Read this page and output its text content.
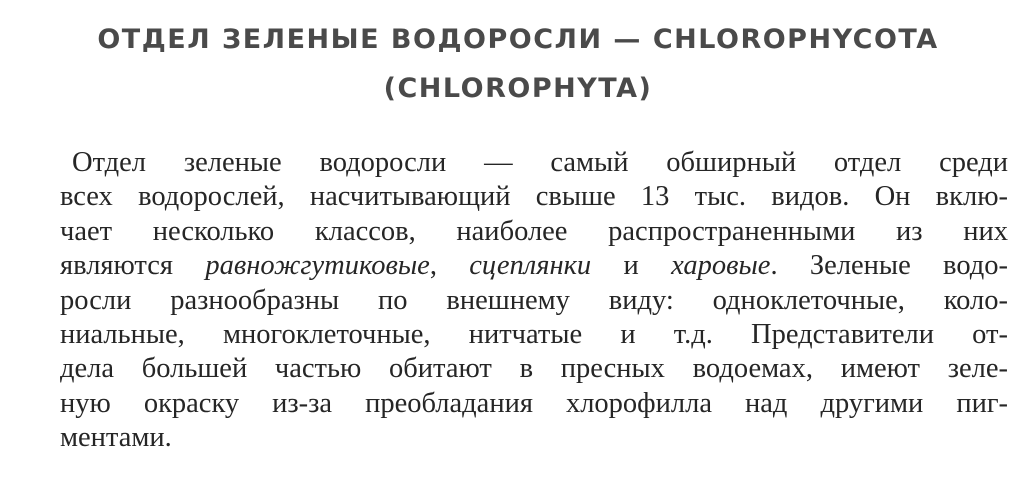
ОТДЕЛ ЗЕЛЕНЫЕ ВОДОРОСЛИ — CHLOROPHYCOTA
(CHLOROPHYTA)
Отдел зеленые водоросли — самый обширный отдел среди
всех водорослей, насчитывающий свыше 13 тыс. видов. Он вклю-
чает несколько классов, наиболее распространенными из них
являются равножгутиковые, сцеплянки и харовые. Зеленые водо-
росли разнообразны по внешнему виду: одноклеточные, коло-
ниальные, многоклеточные, нитчатые и т.д. Представители от-
дела большей частью обитают в пресных водоемах, имеют зеле-
ную окраску из-за преобладания хлорофилла над другими пиг-
ментами.
